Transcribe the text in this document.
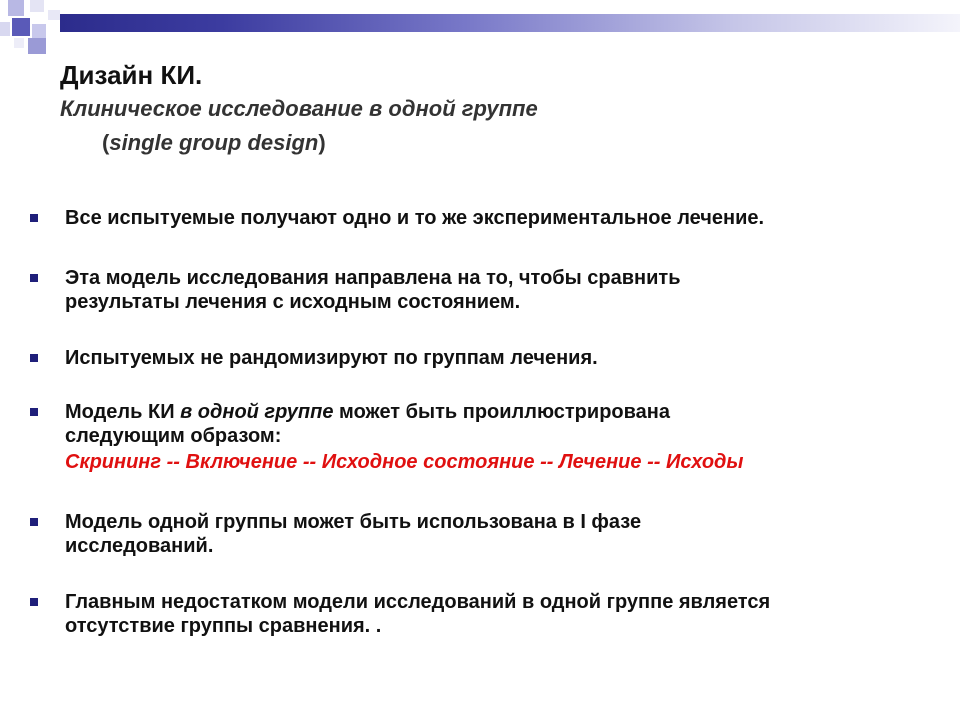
Дизайн КИ.
Клиническое исследование в одной группе
(single group design)
Все испытуемые получают одно и то же экспериментальное лечение.
Эта модель исследования направлена на то, чтобы сравнить
результаты лечения с исходным состоянием.
Испытуемых не рандомизируют по группам лечения.
Модель КИ в одной группе может быть проиллюстрирована
следующим образом:
Скрининг -- Включение -- Исходное состояние -- Лечение -- Исходы
Модель одной группы может быть использована в I фазе
исследований.
Главным недостатком модели исследований в одной группе является
отсутствие группы сравнения. .
